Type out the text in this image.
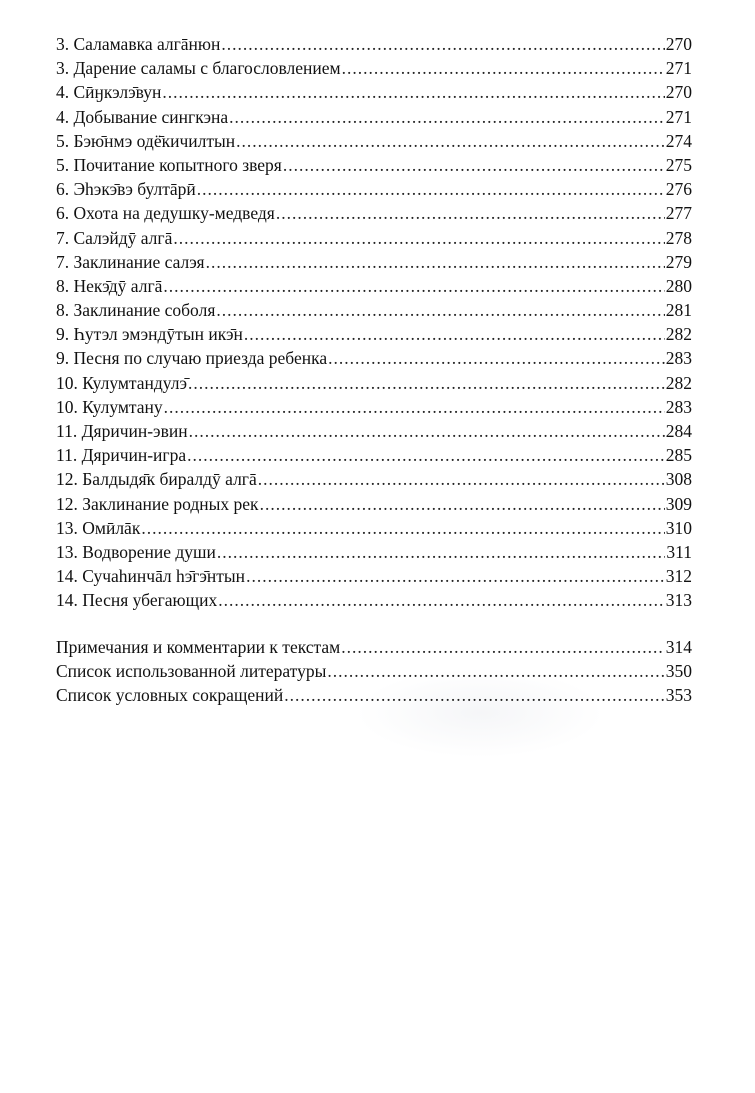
3. Саламавка алгāнюн .....	270
3. Дарение саламы с благословлением .....	271
4. Сӣӈкэлэ̄вун .....	270
4. Добывание сингкэна .....	271
5. Бэю̄нмэ одё̄кичилтын .....	274
5. Почитание копытного зверя .....	275
6. Эһэкэ̄вэ бултāрӣ .....	276
6. Охота на дедушку-медведя .....	277
7. Салэйдӯ алгā .....	278
7. Заклинание салэя .....	279
8. Некэ̄дӯ алгā .....	280
8. Заклинание соболя .....	281
9. Һутэл эмэндӯтын икэ̄н .....	282
9. Песня по случаю приезда ребенка .....	283
10. Кулумтандулэ̄ .....	282
10. Кулумтану .....	283
11. Дяричин-эвин .....	284
11. Дяричин-игра .....	285
12. Балдыдя̄к биралдӯ алгā .....	308
12. Заклинание родных рек .....	309
13. Омӣлāк .....	310
13. Водворение души .....	311
14. Сучаһинчāл һэ̄гэ̄нтын .....	312
14. Песня убегающих .....	313
Примечания и комментарии к текстам .....	314
Список использованной литературы .....	350
Список условных сокращений .....	353
